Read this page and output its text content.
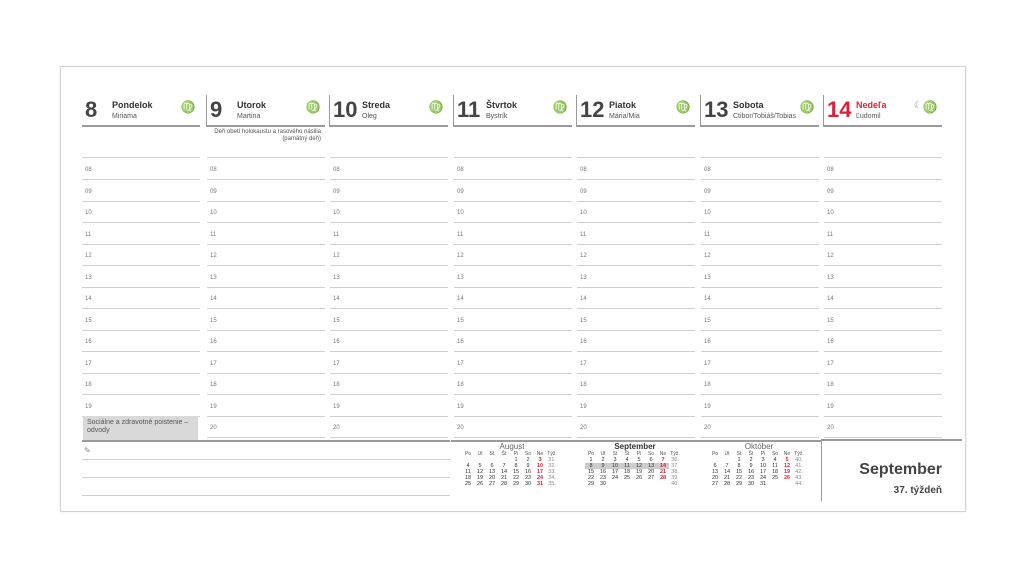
8 Pondelok
Miriama
♍
08
09
10
11
12
13
14
15
16
17
18
19
9 Utorok
Martina
♍
Deň obetí holokaustu a rasového násilia (pamätný deň)
08
09
10
11
12
13
14
15
16
17
18
19
20
10 Streda
Oleg
♍
08
09
10
11
12
13
14
15
16
17
18
19
20
11 Štvrtok
Bystrík
♍
08
09
10
11
12
13
14
15
16
17
18
19
20
12 Piatok
Mária/Mia
♍
08
09
10
11
12
13
14
15
16
17
18
19
20
13 Sobota
Ctibor/Tobiáš/Tobias
♍
08
09
10
11
12
13
14
15
16
17
18
19
20
14 Nedeľa
Ľudomil
☾ ♍
08
09
10
11
12
13
14
15
16
17
18
19
20
Sociálne a zdravotné poistenie – odvody
✎	August
Po	Ut	St	Št	Pi	So	Ne	Týž.
				1	2	3	31.
4	5	6	7	8	9	10	32.
11	12	13	14	15	16	17	33.
18	19	20	21	22	23	24	34.
25	26	27	28	29	30	31	35.
September
Po	Ut	St	Št	Pi	So	Ne	Týž.
1	2	3	4	5	6	7	36.
8	9	10	11	12	13	14	37.
15	16	17	18	19	20	21	38.
22	23	24	25	26	27	28	39.
29	30						40.
Október
Po	Ut	St	Št	Pi	So	Ne	Týž.
		1	2	3	4	5	40.
6	7	8	9	10	11	12	41.
13	14	15	16	17	18	19	42.
20	21	22	23	24	25	26	43.
27	28	29	30	31			44.
September
37. týždeň
